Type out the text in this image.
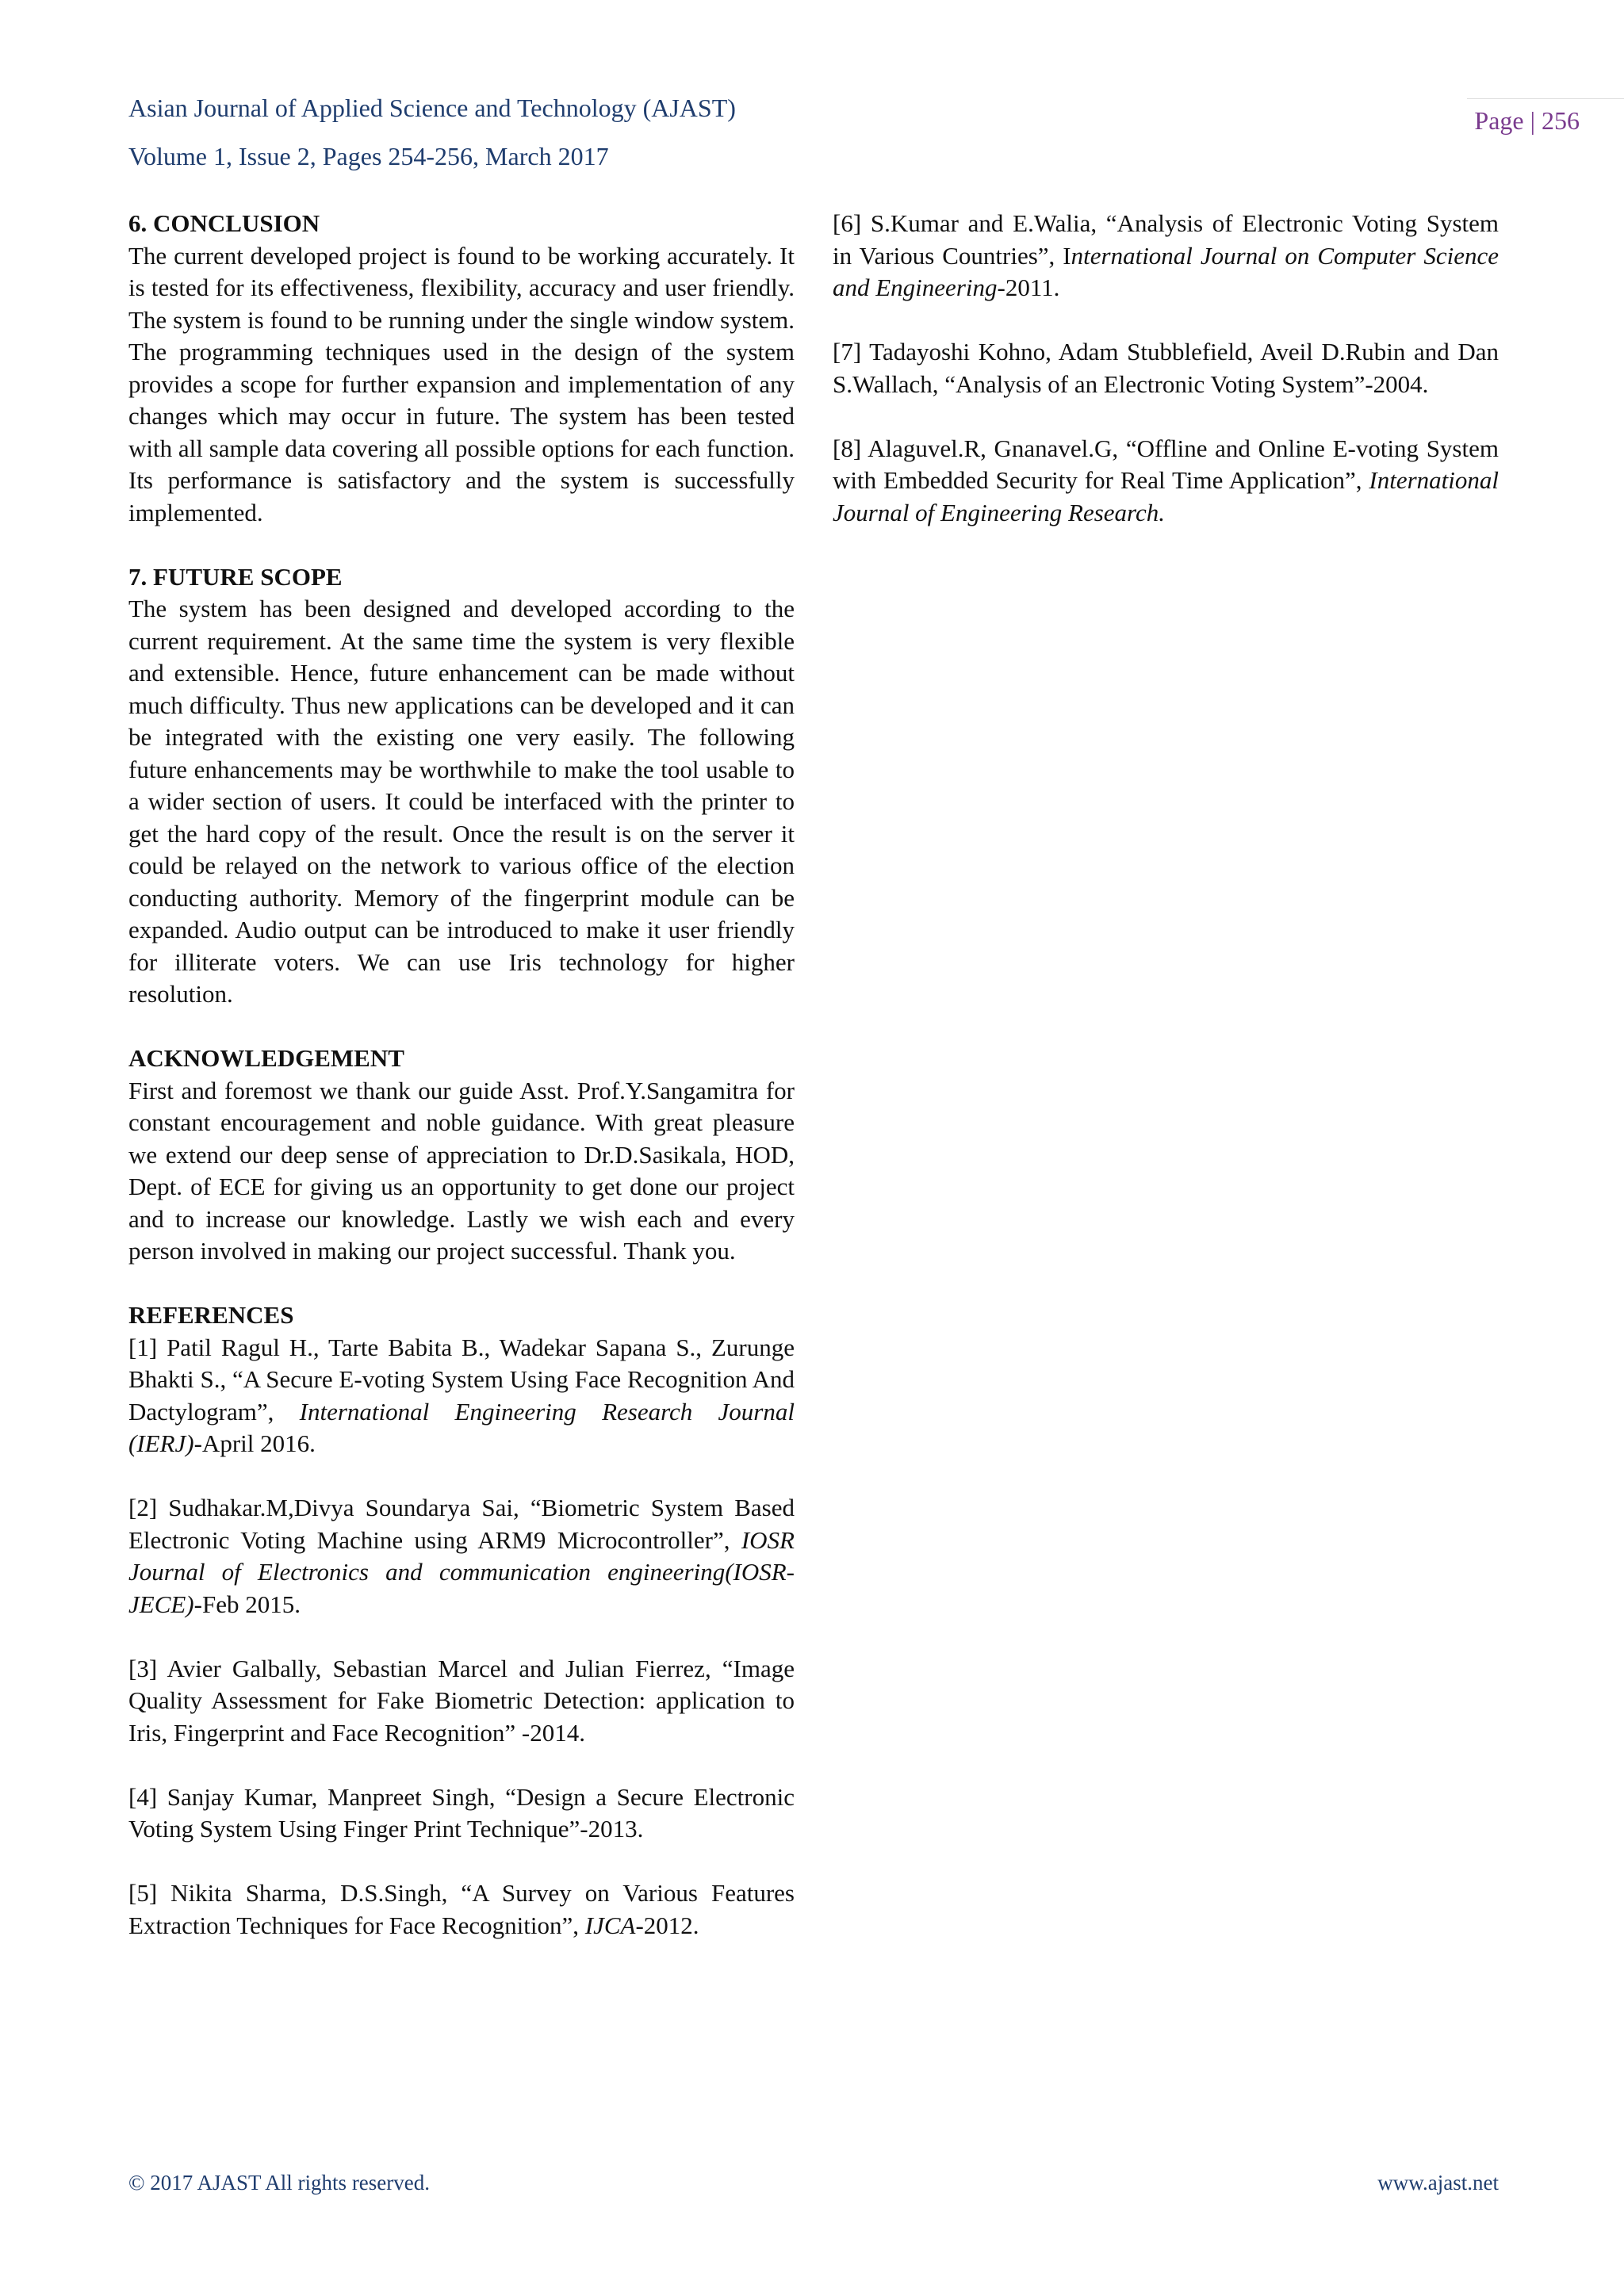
Asian Journal of Applied Science and Technology (AJAST)
Volume 1, Issue 2, Pages 254-256, March 2017
Page | 256

6. CONCLUSION

The current developed project is found to be working accurately. It is tested for its effectiveness, flexibility, accuracy and user friendly. The system is found to be running under the single window system. The programming techniques used in the design of the system provides a scope for further expansion and implementation of any changes which may occur in future. The system has been tested with all sample data covering all possible options for each function. Its performance is satisfactory and the system is successfully implemented.

7. FUTURE SCOPE

The system has been designed and developed according to the current requirement. At the same time the system is very flexible and extensible. Hence, future enhancement can be made without much difficulty. Thus new applications can be developed and it can be integrated with the existing one very easily. The following future enhancements may be worthwhile to make the tool usable to a wider section of users. It could be interfaced with the printer to get the hard copy of the result. Once the result is on the server it could be relayed on the network to various office of the election conducting authority. Memory of the fingerprint module can be expanded. Audio output can be introduced to make it user friendly for illiterate voters. We can use Iris technology for higher resolution.

ACKNOWLEDGEMENT

First and foremost we thank our guide Asst. Prof.Y.Sangamitra for constant encouragement and noble guidance. With great pleasure we extend our deep sense of appreciation to Dr.D.Sasikala, HOD, Dept. of ECE for giving us an opportunity to get done our project and to increase our knowledge. Lastly we wish each and every person involved in making our project successful. Thank you.

REFERENCES

[1] Patil Ragul H., Tarte Babita B., Wadekar Sapana S., Zurunge Bhakti S., “A Secure E-voting System Using Face Recognition And Dactylogram”, International Engineering Research Journal (IERJ)-April 2016.

[2] Sudhakar.M,Divya Soundarya Sai, “Biometric System Based Electronic Voting Machine using ARM9 Microcontroller”, IOSR Journal of Electronics and communication engineering(IOSR-JECE)-Feb 2015.

[3] Avier Galbally, Sebastian Marcel and Julian Fierrez, “Image Quality Assessment for Fake Biometric Detection: application to Iris, Fingerprint and Face Recognition” -2014.

[4] Sanjay Kumar, Manpreet Singh, “Design a Secure Electronic Voting System Using Finger Print Technique”-2013.

[5] Nikita Sharma, D.S.Singh, “A Survey on Various Features Extraction Techniques for Face Recognition”, IJCA-2012.

[6] S.Kumar and E.Walia, “Analysis of Electronic Voting System in Various Countries”, International Journal on Computer Science and Engineering-2011.

[7] Tadayoshi Kohno, Adam Stubblefield, Aveil D.Rubin and Dan S.Wallach, “Analysis of an Electronic Voting System”-2004.

[8] Alaguvel.R, Gnanavel.G, “Offline and Online E-voting System with Embedded Security for Real Time Application”, International Journal of Engineering Research.

© 2017 AJAST All rights reserved.	www.ajast.net
